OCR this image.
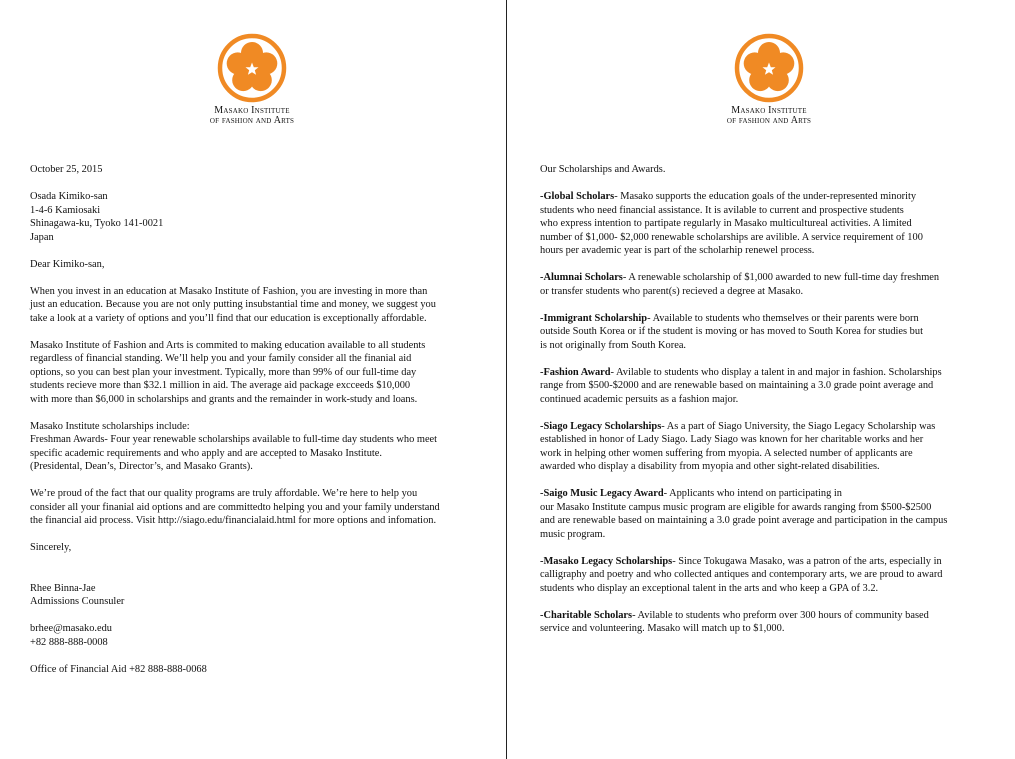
Masako Institute
of fashion and Arts
October 25, 2015
Osada Kimiko-san
1-4-6 Kamiosaki
Shinagawa-ku, Tyoko 141-0021
Japan
Dear Kimiko-san,
When you invest in an education at Masako Institute of Fashion, you are investing in more than
just an education. Because you are not only putting insubstantial time and money, we suggest you
take a look at a variety of options and you’ll find that our education is exceptionally affordable.
Masako Institute of Fashion and Arts is commited to making education available to all students
regardless of financial standing. We’ll help you and your family consider all the finanial aid
options, so you can best plan your investment. Typically, more than 99% of our full-time day
students recieve more than $32.1 million in aid. The average aid package excceeds $10,000
with more than $6,000 in scholarships and grants and the remainder in work-study and loans.
Masako Institute scholarships include:
Freshman Awards- Four year renewable scholarships available to full-time day students who meet
specific academic requirements and who apply and are accepted to Masako Institute.
(Presidental, Dean’s, Director’s, and Masako Grants).
We’re proud of the fact that our quality programs are truly affordable. We’re here to help you
consider all your finanial aid options and are committedto helping you and your family understand
the financial aid process. Visit http://siago.edu/financialaid.html for more options and infomation.
Sincerely,
Rhee Binna-Jae
Admissions Counsuler
brhee@masako.edu
+82 888-888-0008
Office of Financial Aid +82 888-888-0068
Masako Institute
of fashion and Arts
Our Scholarships and Awards.
-Global Scholars- Masako supports the education goals of the under-represented minority
students who need financial assistance. It is avilable to current and prospective students
who express intention to partipate regularly in Masako multicultureal activities. A limited
number of $1,000- $2,000 renewable scholarships are avilible. A service requirement of 100
hours per avademic year is part of the scholarhip renewel process.
-Alumnai Scholars- A renewable scholarship of $1,000 awarded to new full-time day freshmen
or transfer students who parent(s) recieved a degree at Masako.
-Immigrant Scholarship- Available to students who themselves or their parents were born
outside South Korea or if the student is moving or has moved to South Korea for studies but
is not originally from South Korea.
-Fashion Award- Avilable to students who display a talent in and major in fashion. Scholarships
range from $500-$2000 and are renewable based on maintaining a 3.0 grade point average and
continued academic persuits as a fashion major.
-Siago Legacy Scholarships- As a part of Siago University, the Siago Legacy Scholarship was
established in honor of Lady Siago. Lady Siago was known for her charitable works and her
work in helping other women suffering from myopia. A selected number of applicants are
awarded who display a disability from myopia and other sight-related disabilities.
-Saigo Music Legacy Award- Applicants who intend on participating in
our Masako Institute campus music program are eligible for awards ranging from $500-$2500
and are renewable based on maintaining a 3.0 grade point average and participation in the campus
music program.
-Masako Legacy Scholarships- Since Tokugawa Masako, was a patron of the arts, especially in
calligraphy and poetry and who collected antiques and contemporary arts, we are proud to award
students who display an exceptional talent in the arts and who keep a GPA of 3.2.
-Charitable Scholars- Avilable to students who preform over 300 hours of community based
service and volunteering. Masako will match up to $1,000.
